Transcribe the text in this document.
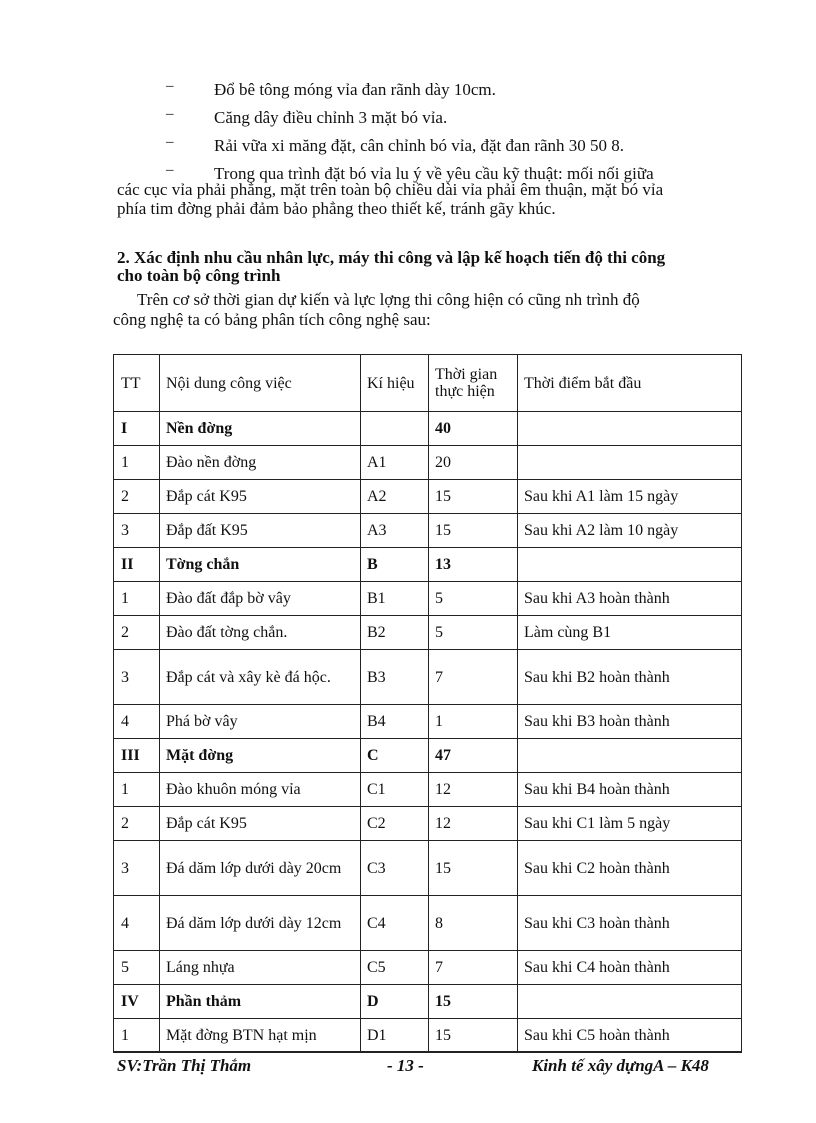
– Đổ bê tông móng vỉa đan rãnh dày 10cm.
– Căng dây điều chỉnh 3 mặt bó vỉa.
– Rải vữa xi măng đặt, cân chỉnh bó vỉa, đặt đan rãnh 30 50 8.
– Trong qua trình đặt bó vỉa lu ý về yêu cầu kỹ thuật: mối nối giữa
các cục vỉa phải phẳng, mặt trên toàn bộ chiều dài vỉa phải êm thuận, mặt bó vỉa
phía tim đờng phải đảm bảo phẳng theo thiết kế, tránh gãy khúc.
2. Xác định nhu cầu nhân lực, máy thi công và lập kế hoạch tiến độ thi công
cho toàn bộ công trình
Trên cơ sở thời gian dự kiến và lực lợng thi công hiện có cũng nh trình độ
công nghệ ta có bảng phân tích công nghệ sau:
TT	Nội dung công việc	Kí hiệu	Thời gian thực hiện	Thời điểm bắt đầu
I	Nền đờng		40	
1	Đào nền đờng	A1	20	
2	Đắp cát K95	A2	15	Sau khi A1 làm 15 ngày
3	Đắp đất K95	A3	15	Sau khi A2 làm 10 ngày
II	Tờng chắn	B	13	
1	Đào đất đắp bờ vây	B1	5	Sau khi A3 hoàn thành
2	Đào đất tờng chắn.	B2	5	Làm cùng B1
3	Đắp cát và xây kè đá hộc.	B3	7	Sau khi B2 hoàn thành
4	Phá bờ vây	B4	1	Sau khi B3 hoàn thành
III	Mặt đờng	C	47	
1	Đào khuôn móng vỉa	C1	12	Sau khi B4 hoàn thành
2	Đắp cát K95	C2	12	Sau khi C1 làm 5 ngày
3	Đá dăm lớp dưới dày 20cm	C3	15	Sau khi C2 hoàn thành
4	Đá dăm lớp dưới dày 12cm	C4	8	Sau khi C3 hoàn thành
5	Láng nhựa	C5	7	Sau khi C4 hoàn thành
IV	Phần thảm	D	15	
1	Mặt đờng BTN hạt mịn	D1	15	Sau khi C5 hoàn thành
SV:Trần Thị Thắm	- 13 -	Kinh tế xây dựngA – K48
